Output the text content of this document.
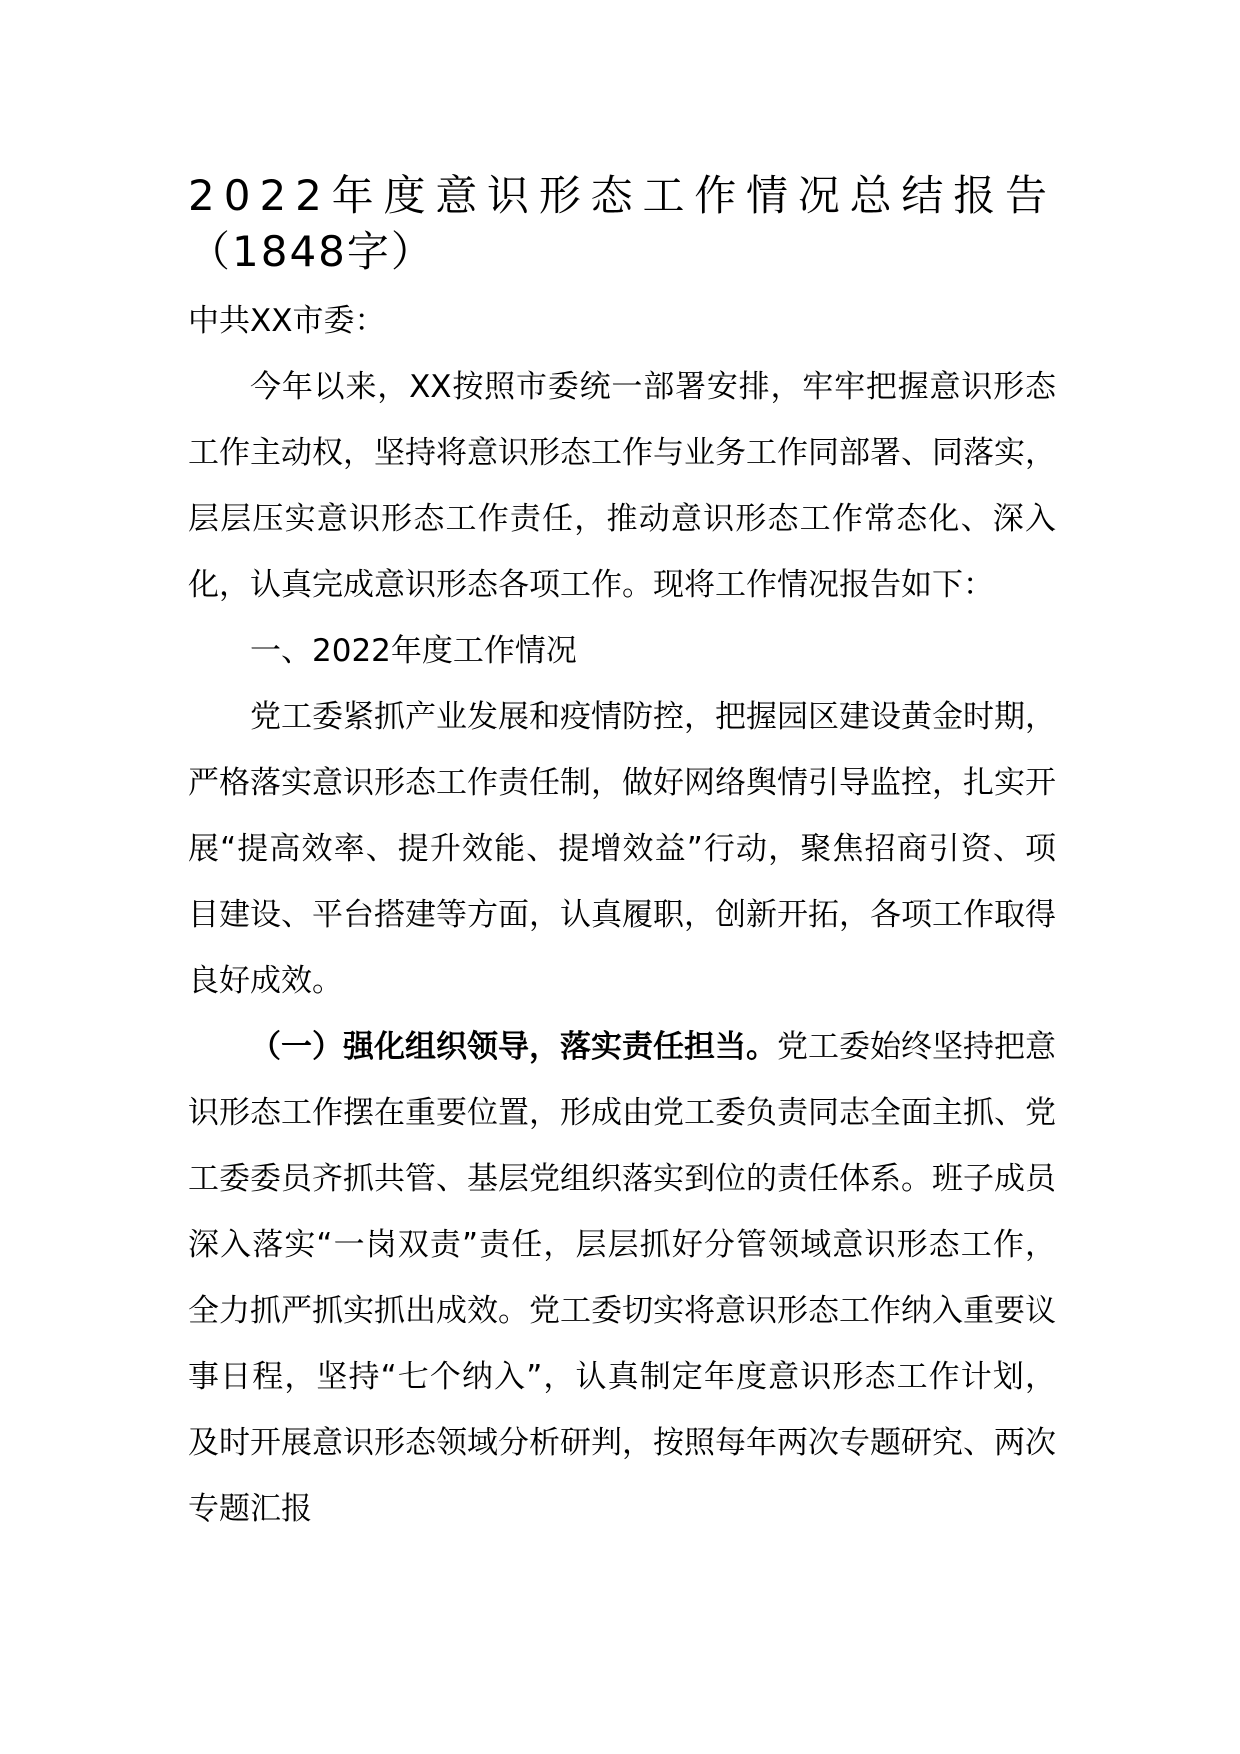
2022年度意识形态工作情况总结报告
（1848字）
中共XX市委：

今年以来，XX按照市委统一部署安排，牢牢把握意识形态工作主动权，坚持将意识形态工作与业务工作同部署、同落实，层层压实意识形态工作责任，推动意识形态工作常态化、深入化，认真完成意识形态各项工作。现将工作情况报告如下：

一、2022年度工作情况

党工委紧抓产业发展和疫情防控，把握园区建设黄金时期，严格落实意识形态工作责任制，做好网络舆情引导监控，扎实开展“提高效率、提升效能、提增效益”行动，聚焦招商引资、项目建设、平台搭建等方面，认真履职，创新开拓，各项工作取得良好成效。

（一）强化组织领导，落实责任担当。党工委始终坚持把意识形态工作摆在重要位置，形成由党工委负责同志全面主抓、党工委委员齐抓共管、基层党组织落实到位的责任体系。班子成员深入落实“一岗双责”责任，层层抓好分管领域意识形态工作，全力抓严抓实抓出成效。党工委切实将意识形态工作纳入重要议事日程，坚持“七个纳入”，认真制定年度意识形态工作计划，及时开展意识形态领域分析研判，按照每年两次专题研究、两次专题汇报
